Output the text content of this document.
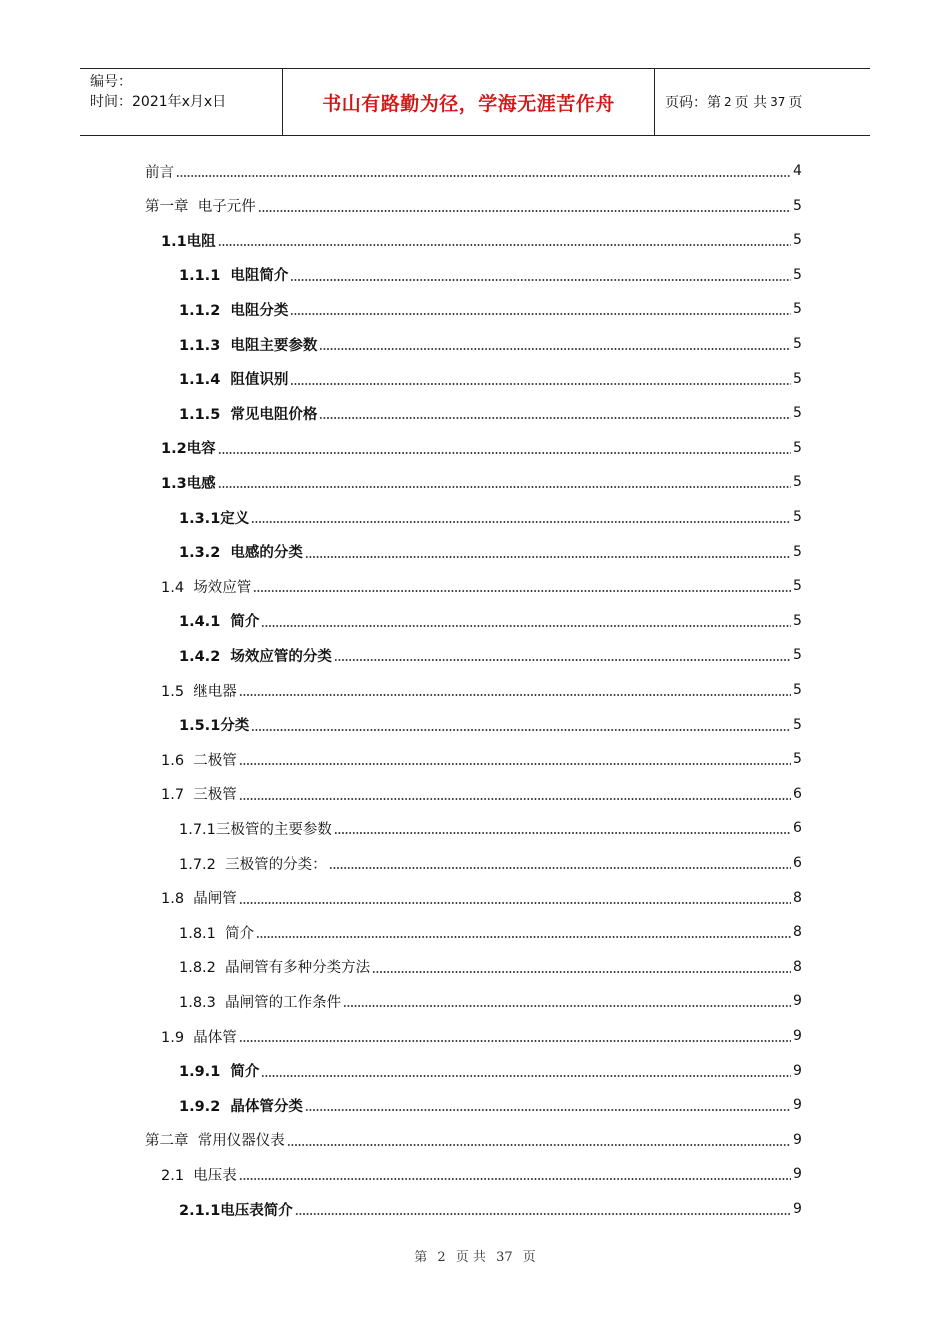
编号：
时间：2021年x月x日	书山有路勤为径，学海无涯苦作舟	页码：第 2 页 共 37 页
前言	4
第一章  电子元件	5
1.1电阻	5
1.1.1  电阻简介	5
1.1.2  电阻分类	5
1.1.3  电阻主要参数	5
1.1.4  阻值识别	5
1.1.5  常见电阻价格	5
1.2电容	5
1.3电感	5
1.3.1定义	5
1.3.2  电感的分类	5
1.4  场效应管	5
1.4.1  简介	5
1.4.2  场效应管的分类	5
1.5  继电器	5
1.5.1分类	5
1.6  二极管	5
1.7  三极管	6
1.7.1三极管的主要参数	6
1.7.2  三极管的分类：	6
1.8  晶闸管	8
1.8.1  简介	8
1.8.2  晶闸管有多种分类方法	8
1.8.3  晶闸管的工作条件	9
1.9  晶体管	9
1.9.1  简介	9
1.9.2  晶体管分类	9
第二章  常用仪器仪表	9
2.1  电压表	9
2.1.1电压表简介	9
第 2 页 共 37 页
